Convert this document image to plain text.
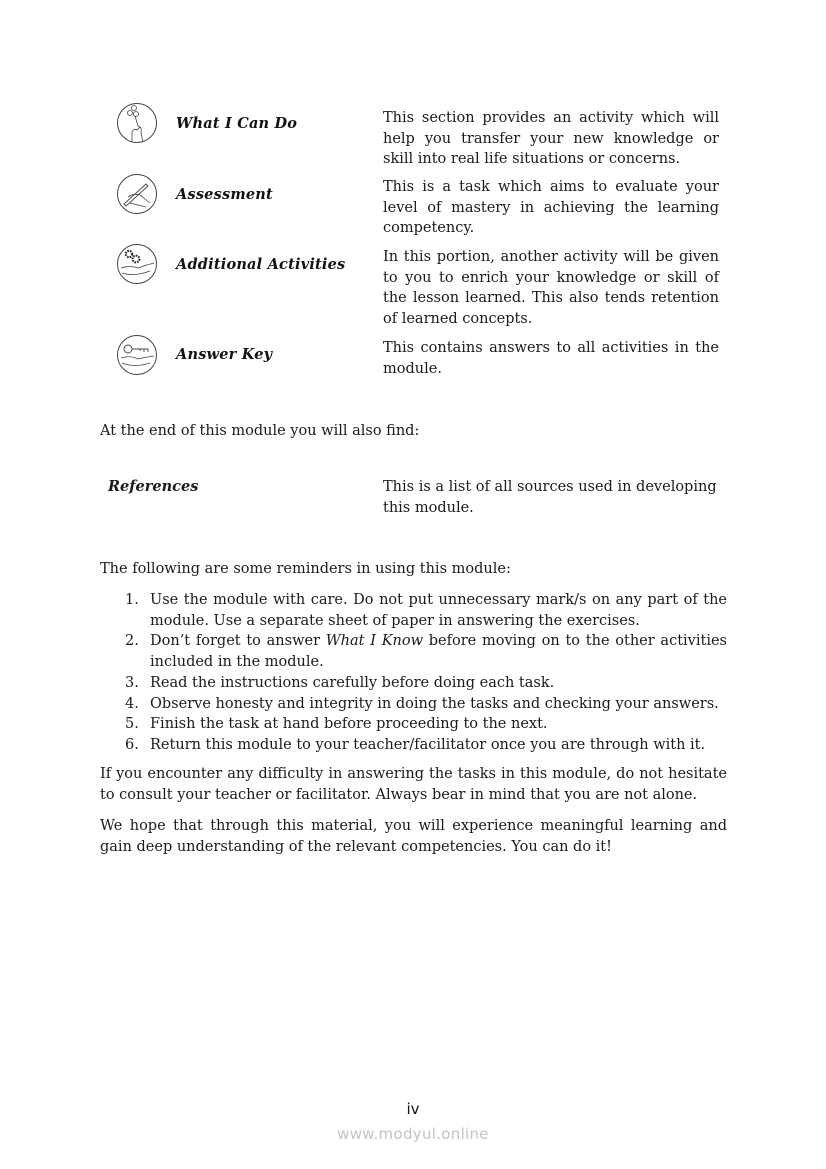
What I Can Do	This section provides an activity which will help you transfer your new knowledge or skill into real life situations or concerns.
Assessment	This is a task which aims to evaluate your level of mastery in achieving the learning competency.
Additional Activities	In this portion, another activity will be given to you to enrich your knowledge or skill of the lesson learned. This also tends retention of learned concepts.
Answer Key	This contains answers to all activities in the module.
At the end of this module you will also find:
References	This is a list of all sources used in developing this module.
The following are some reminders in using this module:
1. Use the module with care. Do not put unnecessary mark/s on any part of the module. Use a separate sheet of paper in answering the exercises.
2. Don’t forget to answer What I Know before moving on to the other activities included in the module.
3. Read the instructions carefully before doing each task.
4. Observe honesty and integrity in doing the tasks and checking your answers.
5. Finish the task at hand before proceeding to the next.
6. Return this module to your teacher/facilitator once you are through with it.
If you encounter any difficulty in answering the tasks in this module, do not hesitate to consult your teacher or facilitator. Always bear in mind that you are not alone.
We hope that through this material, you will experience meaningful learning and gain deep understanding of the relevant competencies. You can do it!
iv
www.modyul.online
